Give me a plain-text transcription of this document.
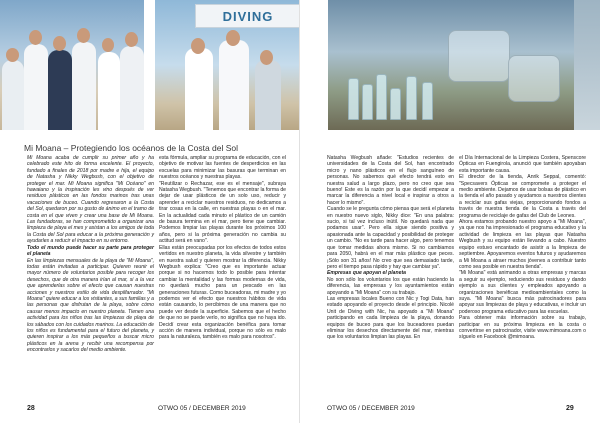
DIVING
Mi Moana – Protegiendo los océanos de la Costa del Sol

Mi Moana acaba de cumplir su primer año y ha celebrado este hito de forma excelente. El proyecto, fundado a finales de 2018 por madre e hija, el equipo de Natasha y Nikky Wegbush, con el objetivo de proteger el mar. Mi Moana significa "Mi Océano" en hawaiano y la inspiración les vino después de ver residuos plásticos en las fondos marinos tras unas vacaciones de buceo. Cuando regresaron a la Costa del Sol, quedaron por su gusto de ánimo en el tramo de costa en el que viven y crear una base de Mi Moana. Las fundadoras, se han comprometido a organizar una limpieza de playa el mes y asistan a los amigos de toda la Costa del Sol para educar a la próxima generación y ayudarles a reducir el impacto en su entorno.

Todo el mundo puede hacer su parte para proteger el planeta

En las limpiezas mensuales de la playa de "Mi Moana", todas están invitadas a participar. Quieren reunir el mayor número de voluntarios posible para recoger los desechos, que de otra manera irían al mar, si a la vez que aprenderlas sobre el efecto que causan nuestras acciones y nuestros estilo de vida despilfarrador. "Mi Moana" quiere educar a los visitantes, a sus familias y a las personas que disfrutan de la playa, sobre cómo causar menos impacto en nuestro planeta. Tienen una actividad para los niños tras las limpiezas de playa de los sábados con los cuidados marinos. La educación de los niños es fundamental para el futuro del planeta, y quieren inspirar a los más pequeños a buscar micro plásticos en la arena y recibir una recompensa por encontrarlos y sacarlos del medio ambiente.

esta fórmula, ampliar su programa de educación, con el objetivo de motivar las fuentes de desperdicios en las escuelas para minimizar las basuras que terminan en nuestros océanos y nuestras playas.

"Reutilizar o Rechazar, ese es el mensaje", subraya Natasha Wegbush. "Tenemos que encontrar la forma de dejar de usar plásticos de un solo uso, reducir y aprender a reciclar nuestros residuos, no dedicamos a tirar cosas en la calle, en nuestras playas o en el mar. En la actualidad cada minuto el plástico de un camión de basura termina en el mar, pero tiene que cambiar. Podemos limpiar las playas durante los próximos 100 años, pero si la próxima generación no cambia su actitud será en vano".

Ellas están preocupadas por los efectos de todos estos vertidos en nuestro planeta, la vida silvestre y también en nuestra salud y quieren mostrar la diferencia. Nikky Wegbush explica: "Creo que es importante actuar porque si no hacemos todo lo posible para intentar cambiar la mentalidad y las formas modernas de vida, no quedará mucho para un pescado en las generaciones futuras. Como buceadoras, mi madre y yo podemos ver el efecto que nuestros hábitos de vida están causando, lo percibimos de una manera que no puede ver desde la superficie. Sabemos que el hecho de que no se puede verlo, no significa que no haya ido. Decidí crear esta organización benéfica para tomar acción de manera individual, porque no sólo es malo para la naturaleza, también es malo para nosotros".

28	OTWO 05 / DECEMBER 2019

Natasha Wegbush añade: "Estudios recientes de universidades de la Costa del Sol, han encontrado micro y nano plásticos en el flujo sanguíneo de personas. No sabemos qué efecto tendrá esto en nuestra salud a largo plazo, pero no creo que sea bueno! Este es la razón por la que decidí empezar a marcar la diferencia a nivel local e inspirar a otros a hacer lo mismo".

Cuando se le pregunta cómo piensa que será el planeta en nuestro nuevo siglo, Nikky dice: "En una palabra: sucio, si tal vez incluso inútil. No quedará nada que podamos usar". Pero ella sigue siendo positiva y apasionada ante la capacidad y posibilidad de proteger un cambio. "No es tarde para hacer algo, pero tenemos que tomar medidas ahora mismo. Si no cambiamos para 2050, habrá en el mar más plástico que peces. ¡Sólo son 31 años! No creo que sea demasiado tarde, pero el tiempo pasa rápido y hay que cambiar ya".

Empresas que apoyan el planeta

No son sólo los voluntarios los que están haciendo la diferencia, las empresas y los ayuntamientos están apoyando a "Mi Moana" con su trabajo.

Las empresas locales Bueno con Nic y Togi Data, han estado apoyando el proyecto desde el principio. Nicolé Unit de Diving with Nic, ha apoyado a "Mi Moana" participando en cada limpieza de la playa, donando equipos de buceo para que los buceadores puedan eliminar los desechos directamente del mar, mientras que los voluntarios limpian las playas. En

el Día Internacional de la Limpieza Costera, Spenscore Ópticas en Fuengirola, anunció que también apoyaban esta importante causa.

El director de la tienda, Anrik Seppal, comentó: "Specsavers Ópticas se compromete a proteger el medio ambiente. Dejamos de usar bolsas de plástico en la tienda el año pasado y ayudamos a nuestros clientes a reciclar sus gafas viejas, proporcionando fondos a través de nuestra tienda de la Costa a través del programa de reciclaje de gafas del Club de Leones.

Ahora estamos probando nuestro apoyo a "Mi Moana", ya que nos ha impresionado el programa educativo y la actividad de limpieza en las playas que Natasha Wegbush y su equipo están llevando a cabo. Nuestro equipo estuvo encantado de asistir a la limpieza de septiembre. Apoyaremos eventos futuros y ayudaremos a Mi Moana a atraer muchos jóvenes a contribuir tanto como sea posible en nuestra tienda".

"Mi Moana" está animando a otras empresas y marcas a seguir su ejemplo, reduciendo sus residuos y dando ejemplo a sus clientes y empleados apoyando a organizaciones benéficas medioambientales como la suya. "Mi Moana" busca más patrocinadores para apoyar sus limpiezas de playa y educativas, e incluir un poderoso programa educativo para las escuelas.

Para obtener más información sobre su trabajo, participar en su próxima limpieza en la costa o convertirse en patrocinador, visite www.mimoana.com o síguelo en Facebook @mimoana.

OTWO 05 / DECEMBER 2019	29
